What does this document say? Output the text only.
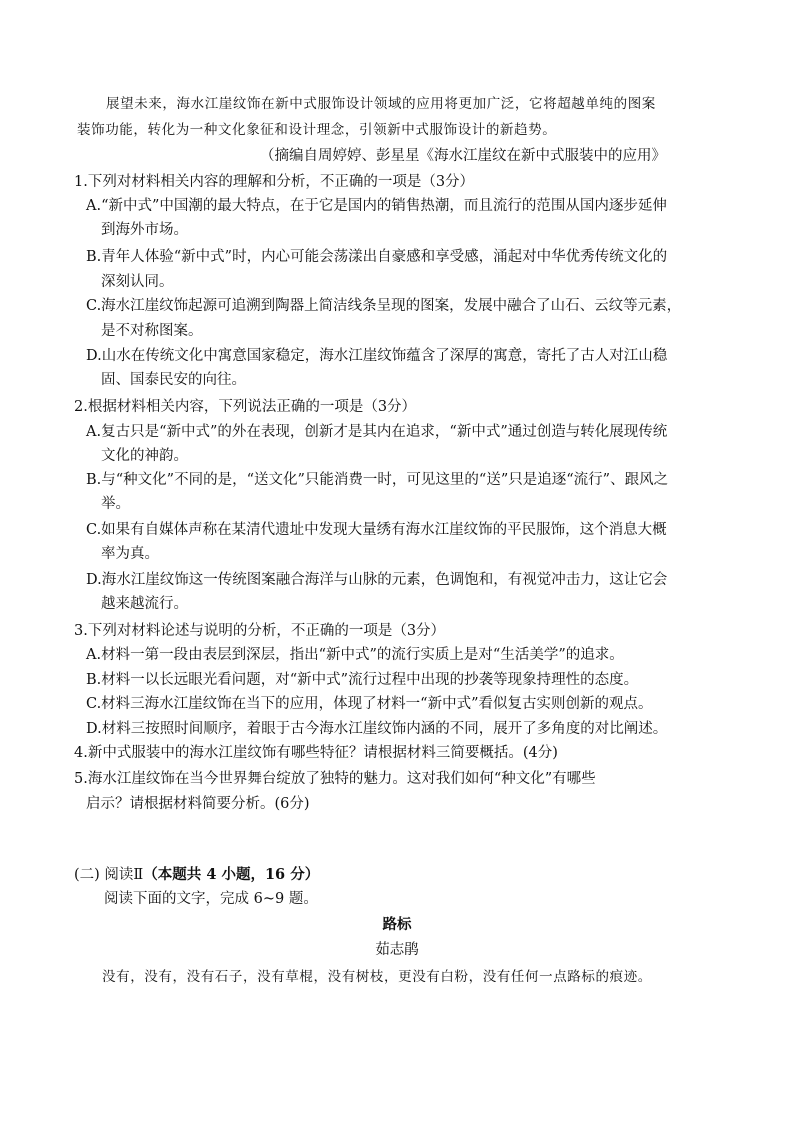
展望未来，海水江崖纹饰在新中式服饰设计领域的应用将更加广泛，它将超越单纯的图案
装饰功能，转化为一种文化象征和设计理念，引领新中式服饰设计的新趋势。
（摘编自周婷婷、彭星星《海水江崖纹在新中式服装中的应用》
1.下列对材料相关内容的理解和分析，不正确的一项是（3分）
A.“新中式”中国潮的最大特点，在于它是国内的销售热潮，而且流行的范围从国内逐步延伸
到海外市场。
B.青年人体验“新中式”时，内心可能会荡漾出自豪感和享受感，涌起对中华优秀传统文化的
深刻认同。
C.海水江崖纹饰起源可追溯到陶器上简洁线条呈现的图案，发展中融合了山石、云纹等元素，
是不对称图案。
D.山水在传统文化中寓意国家稳定，海水江崖纹饰蕴含了深厚的寓意，寄托了古人对江山稳
固、国泰民安的向往。
2.根据材料相关内容，下列说法正确的一项是（3分）
A.复古只是“新中式”的外在表现，创新才是其内在追求，“新中式”通过创造与转化展现传统
文化的神韵。
B.与“种文化”不同的是，“送文化”只能消费一时，可见这里的“送”只是追逐“流行”、跟风之
举。
C.如果有自媒体声称在某清代遗址中发现大量绣有海水江崖纹饰的平民服饰，这个消息大概
率为真。
D.海水江崖纹饰这一传统图案融合海洋与山脉的元素，色调饱和，有视觉冲击力，这让它会
越来越流行。
3.下列对材料论述与说明的分析，不正确的一项是（3分）
A.材料一第一段由表层到深层，指出“新中式”的流行实质上是对“生活美学”的追求。
B.材料一以长远眼光看问题，对“新中式”流行过程中出现的抄袭等现象持理性的态度。
C.材料三海水江崖纹饰在当下的应用，体现了材料一“新中式”看似复古实则创新的观点。
D.材料三按照时间顺序，着眼于古今海水江崖纹饰内涵的不同，展开了多角度的对比阐述。
4.新中式服装中的海水江崖纹饰有哪些特征？请根据材料三简要概括。(4分)
5.海水江崖纹饰在当今世界舞台绽放了独特的魅力。这对我们如何“种文化”有哪些
启示？请根据材料简要分析。(6分)
(二) 阅读Ⅱ（本题共 4 小题，16 分）
阅读下面的文字，完成 6~9 题。
路标
茹志鹃
没有，没有，没有石子，没有草棍，没有树枝，更没有白粉，没有任何一点路标的痕迹。
